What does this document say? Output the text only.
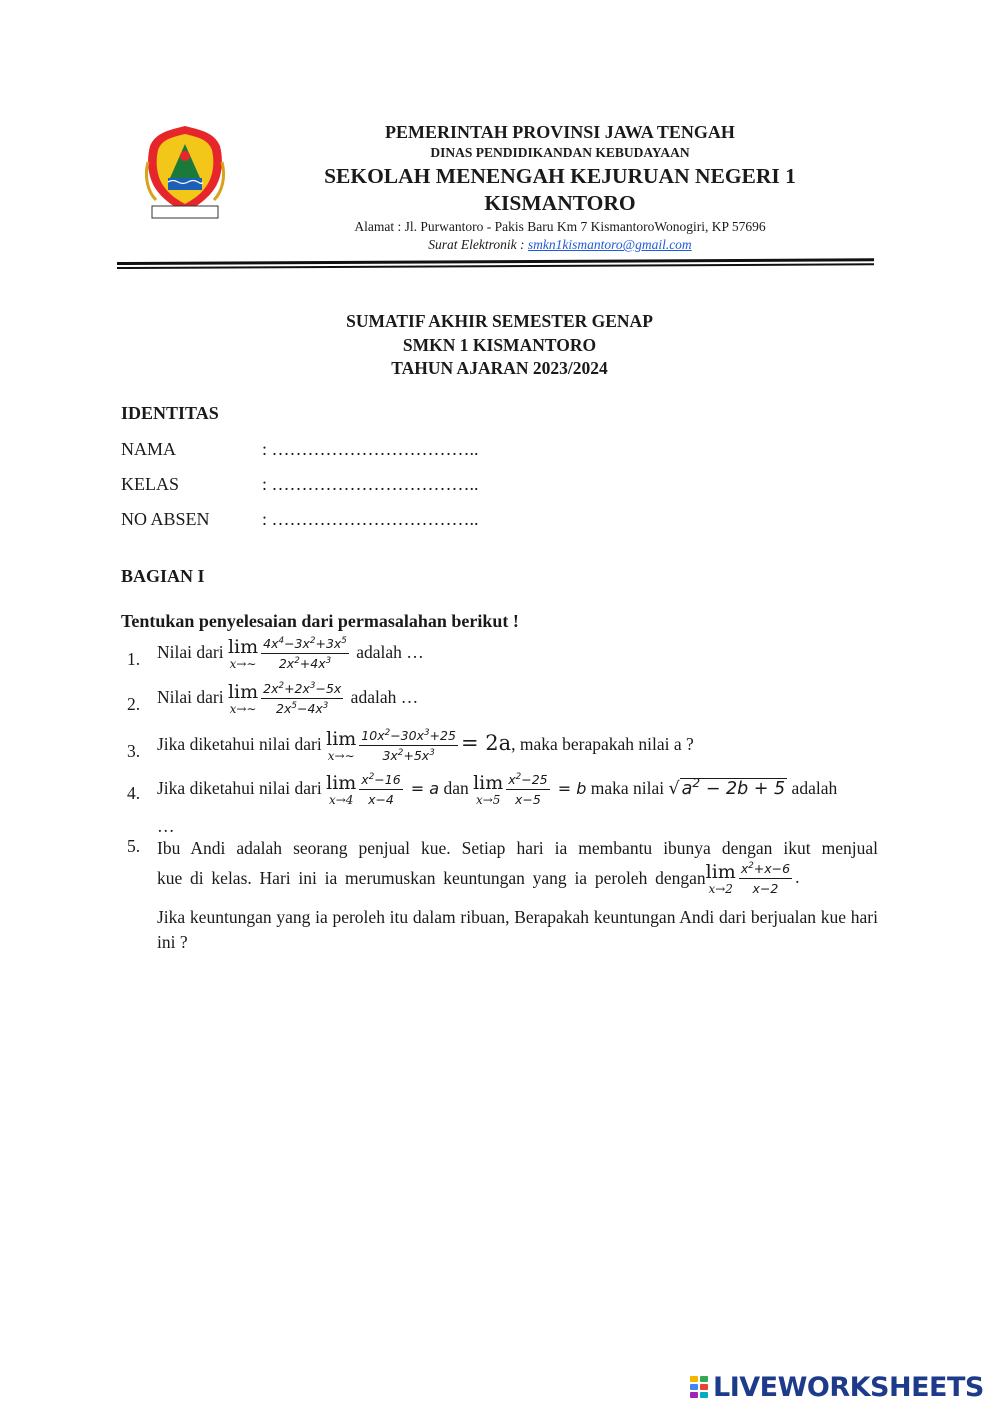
PEMERINTAH PROVINSI JAWA TENGAH
DINAS PENDIDIKANDAN KEBUDAYAAN
SEKOLAH MENENGAH KEJURUAN NEGERI 1
KISMANTORO
Alamat : Jl. Purwantoro - Pakis Baru Km 7 KismantoroWonogiri, KP 57696
Surat Elektronik : smkn1kismantoro@gmail.com
SUMATIF AKHIR SEMESTER GENAP
SMKN 1 KISMANTORO
TAHUN AJARAN 2023/2024
IDENTITAS
NAMA	: ……………………………..
KELAS	: ……………………………..
NO ABSEN	: ……………………………..
BAGIAN I
Tentukan penyelesaian dari permasalahan berikut !
1. Nilai dari lim
x→∼ $\frac{4x^4-3x^2+3x^5}{2x^2+4x^3}$ adalah …
2. Nilai dari lim
x→∼ $\frac{2x^2+2x^3-5x}{2x^5-4x^3}$ adalah …
3. Jika diketahui nilai dari lim
x→∼ $\frac{10x^2-30x^3+25}{3x^2+5x^3} = 2a$, maka berapakah nilai a ?
4. Jika diketahui nilai dari lim
$x\to 4 \frac{x^2-16}{x-4} = a$ dan lim
$x\to 5 \frac{x^2-25}{x-5} = b$ maka nilai √ $a^2 - 2b + 5$ adalah
…
5. Ibu Andi adalah seorang penjual kue. Setiap hari ia membantu ibunya dengan ikut menjual
kue di kelas. Hari ini ia merumuskan keuntungan yang ia peroleh dengan lim
$x\to 2 \frac{x^2+x-6}{x-2}$ .
Jika keuntungan yang ia peroleh itu dalam ribuan, Berapakah keuntungan Andi dari berjualan kue hari ini ?
LIVEWORKSHEETS
